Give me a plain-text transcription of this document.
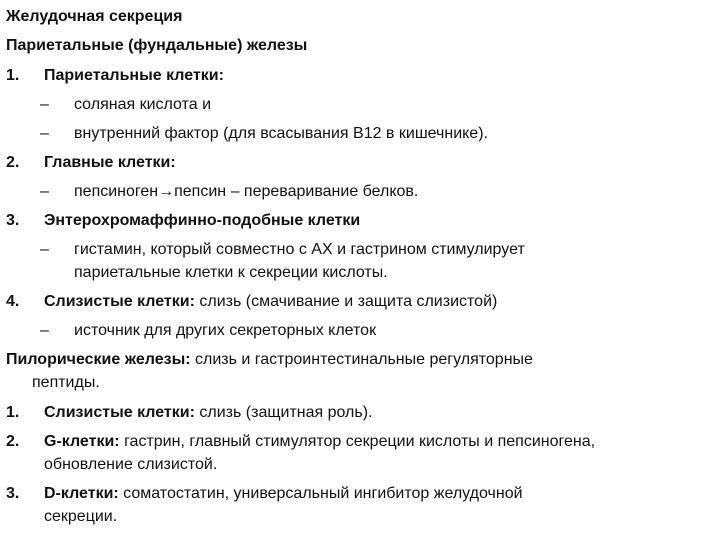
Желудочная секреция
Париетальные (фундальные) железы
1. Париетальные клетки:
– соляная кислота и
– внутренний фактор (для всасывания B12 в кишечнике).
2. Главные клетки:
– пепсиноген→пепсин – переваривание белков.
3. Энтерохромаффинно-подобные клетки
– гистамин, который совместно с АХ и гастрином стимулирует
париетальные клетки к секреции кислоты.
4. Слизистые клетки: слизь (смачивание и защита слизистой)
– источник для других секреторных клеток
Пилорические железы: слизь и гастроинтестинальные регуляторные
пептиды.
1. Слизистые клетки: слизь (защитная роль).
2. G-клетки: гастрин, главный стимулятор секреции кислоты и пепсиногена,
обновление слизистой.
3. D-клетки: соматостатин, универсальный ингибитор желудочной
секреции.
